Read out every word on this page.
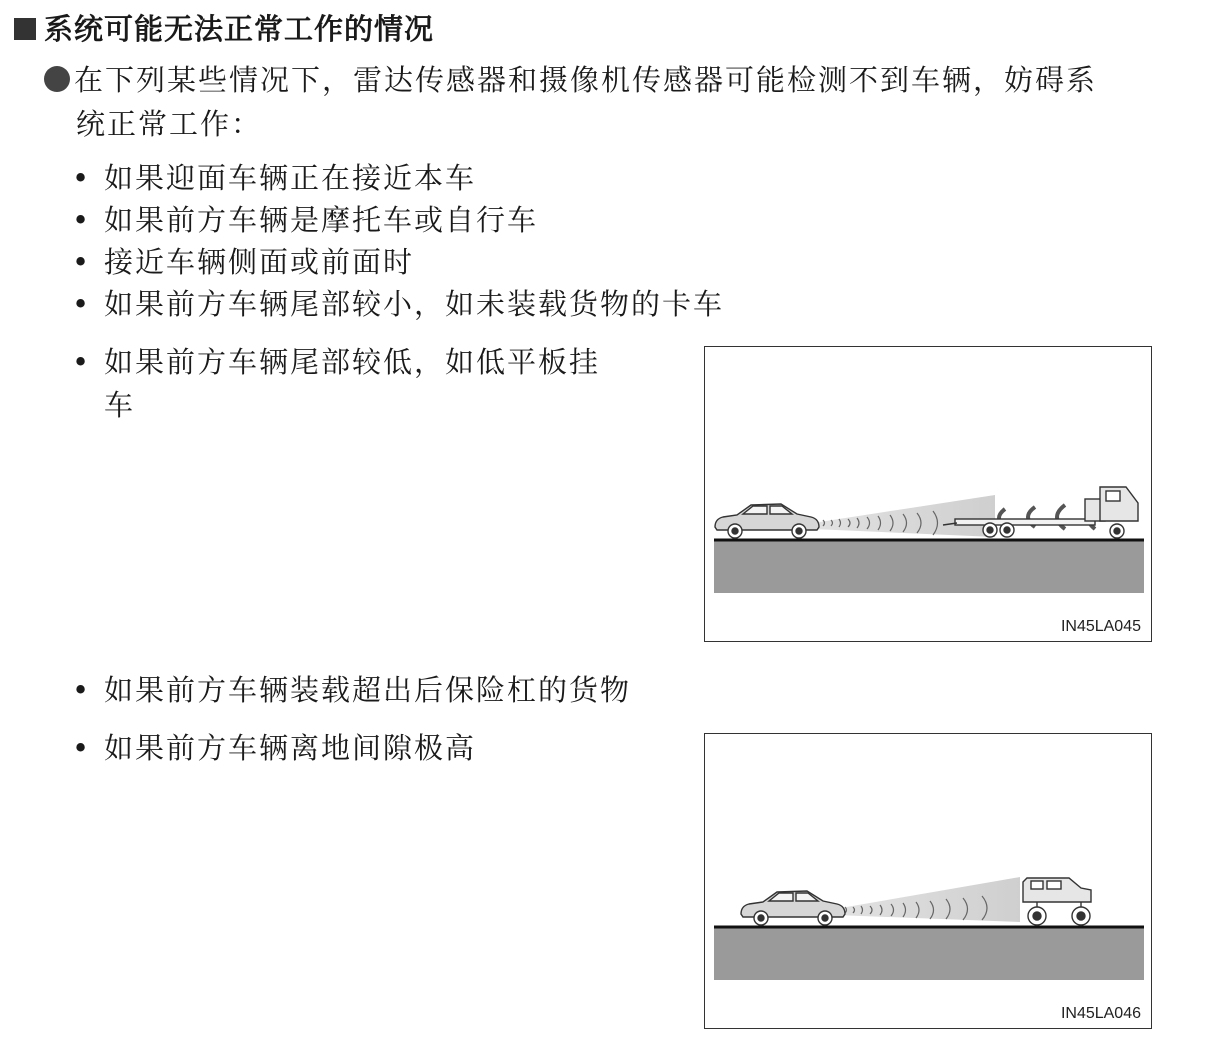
系统可能无法正常工作的情况
在下列某些情况下，雷达传感器和摄像机传感器可能检测不到车辆，妨碍系
统正常工作：

• 如果迎面车辆正在接近本车

• 如果前方车辆是摩托车或自行车

• 接近车辆侧面或前面时

• 如果前方车辆尾部较小，如未装载货物的卡车

• 如果前方车辆尾部较低，如低平板挂
车

IN45LA045

• 如果前方车辆装载超出后保险杠的货物

• 如果前方车辆离地间隙极高

IN45LA046
